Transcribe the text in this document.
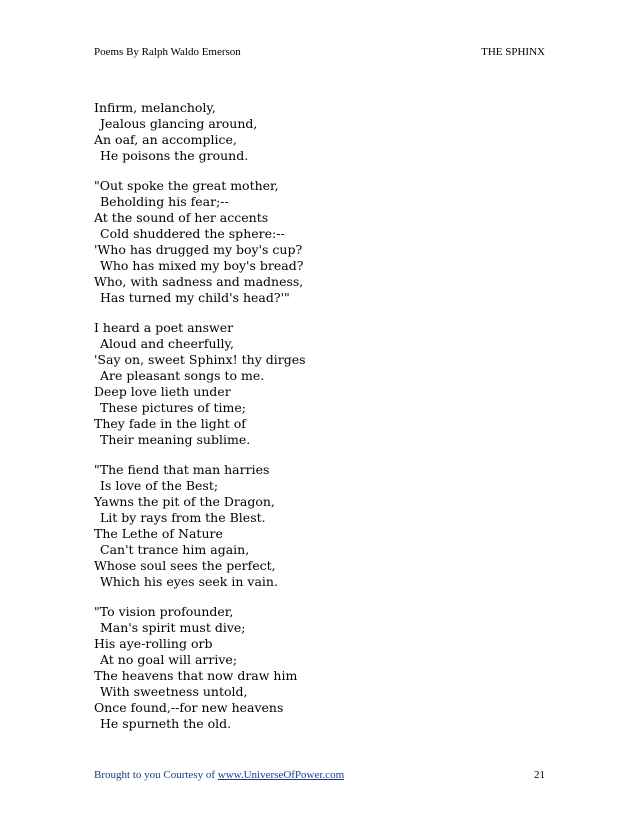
Poems By Ralph Waldo Emerson	THE SPHINX
Infirm, melancholy,
Jealous glancing around,
An oaf, an accomplice,
He poisons the ground.
"Out spoke the great mother,
Beholding his fear;--
At the sound of her accents
Cold shuddered the sphere:--
'Who has drugged my boy's cup?
Who has mixed my boy's bread?
Who, with sadness and madness,
Has turned my child's head?'"
I heard a poet answer
Aloud and cheerfully,
'Say on, sweet Sphinx! thy dirges
Are pleasant songs to me.
Deep love lieth under
These pictures of time;
They fade in the light of
Their meaning sublime.
"The fiend that man harries
Is love of the Best;
Yawns the pit of the Dragon,
Lit by rays from the Blest.
The Lethe of Nature
Can't trance him again,
Whose soul sees the perfect,
Which his eyes seek in vain.
"To vision profounder,
Man's spirit must dive;
His aye-rolling orb
At no goal will arrive;
The heavens that now draw him
With sweetness untold,
Once found,--for new heavens
He spurneth the old.
Brought to you Courtesy of www.UniverseOfPower.com	21
